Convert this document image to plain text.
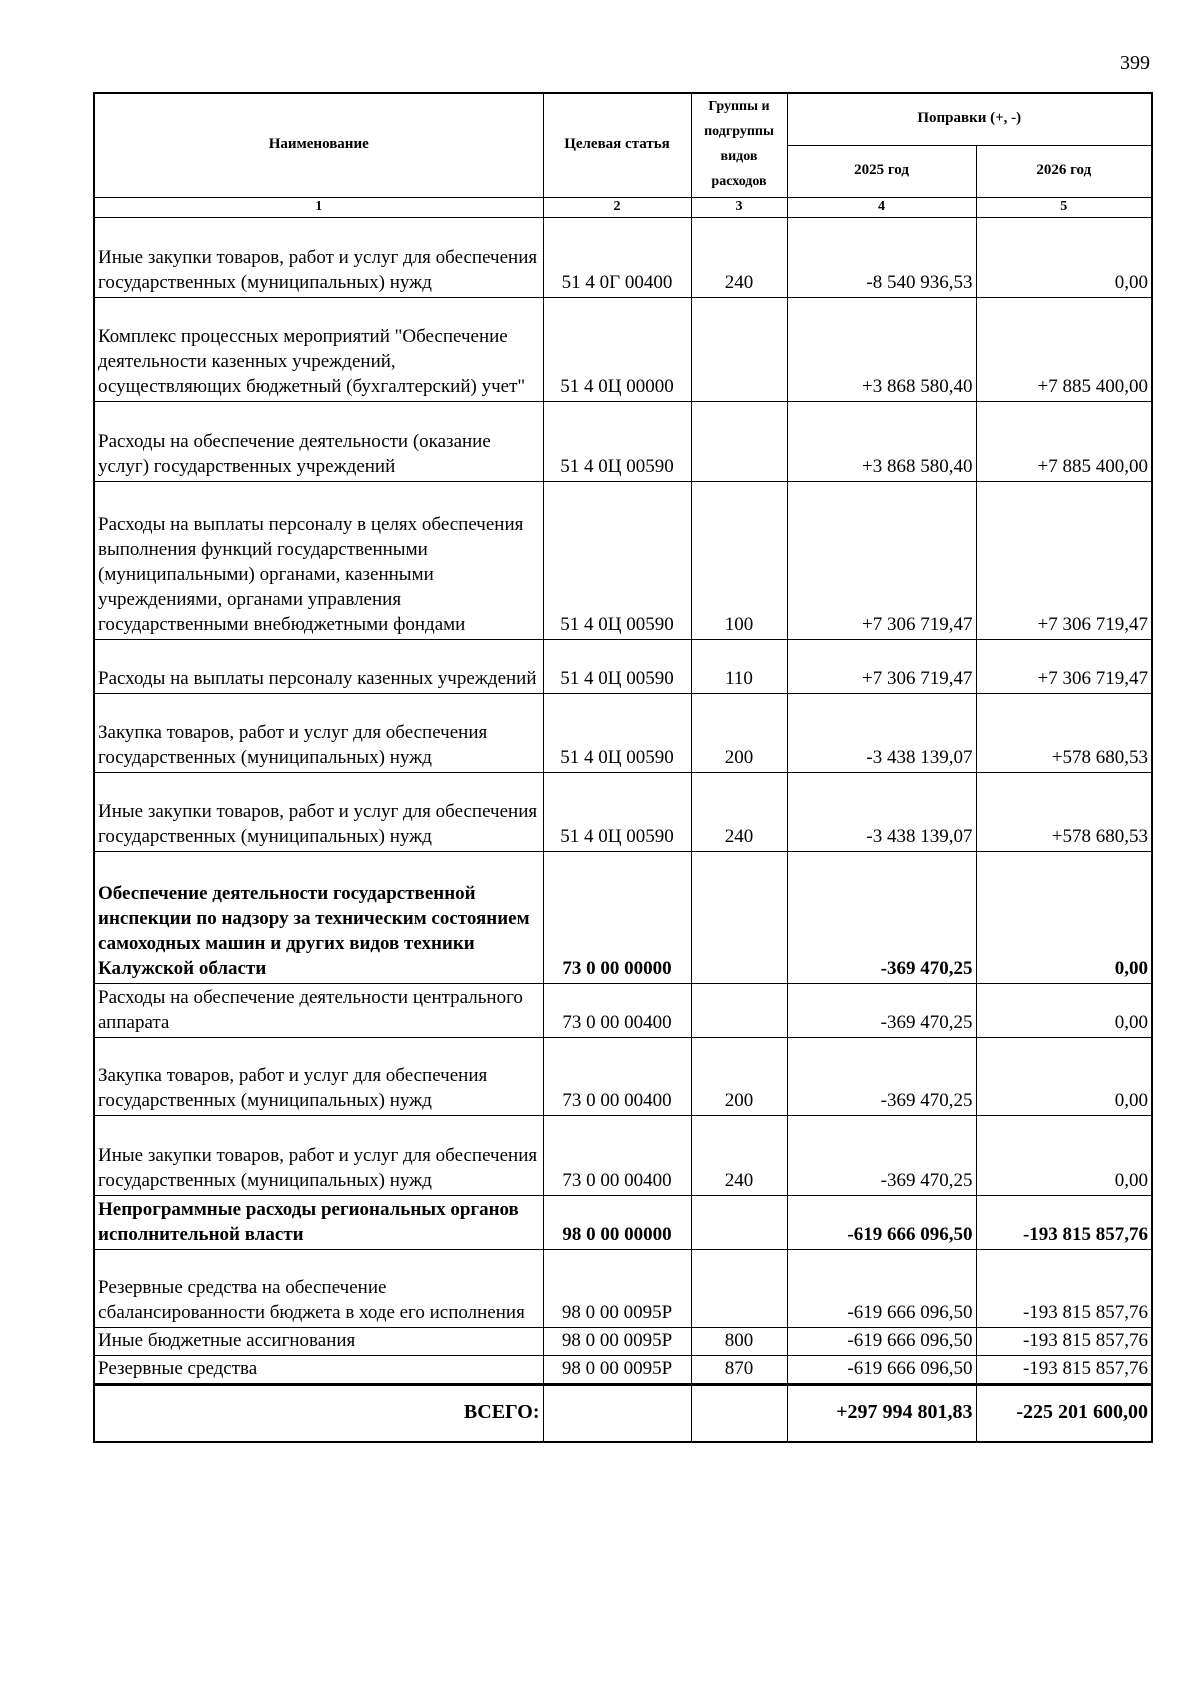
399
Наименование	Целевая статья	Группы и подгруппы видов расходов	Поправки (+, -)	
			2025 год	2026 год
1	2	3	4	5
Иные закупки товаров, работ и услуг для обеспечения государственных (муниципальных) нужд	51 4 0Г 00400	240	-8 540 936,53	0,00
Комплекс процессных мероприятий "Обеспечение деятельности казенных учреждений, осуществляющих бюджетный (бухгалтерский) учет"	51 4 0Ц 00000		+3 868 580,40	+7 885 400,00
Расходы на обеспечение деятельности (оказание услуг) государственных учреждений	51 4 0Ц 00590		+3 868 580,40	+7 885 400,00
Расходы на выплаты персоналу в целях обеспечения выполнения функций государственными (муниципальными) органами, казенными учреждениями, органами управления государственными внебюджетными фондами	51 4 0Ц 00590	100	+7 306 719,47	+7 306 719,47
Расходы на выплаты персоналу казенных учреждений	51 4 0Ц 00590	110	+7 306 719,47	+7 306 719,47
Закупка товаров, работ и услуг для обеспечения государственных (муниципальных) нужд	51 4 0Ц 00590	200	-3 438 139,07	+578 680,53
Иные закупки товаров, работ и услуг для обеспечения государственных (муниципальных) нужд	51 4 0Ц 00590	240	-3 438 139,07	+578 680,53
Обеспечение деятельности государственной инспекции по надзору за техническим состоянием самоходных машин и других видов техники Калужской области	73 0 00 00000		-369 470,25	0,00
Расходы на обеспечение деятельности центрального аппарата	73 0 00 00400		-369 470,25	0,00
Закупка товаров, работ и услуг для обеспечения государственных (муниципальных) нужд	73 0 00 00400	200	-369 470,25	0,00
Иные закупки товаров, работ и услуг для обеспечения государственных (муниципальных) нужд	73 0 00 00400	240	-369 470,25	0,00
Непрограммные расходы региональных органов исполнительной власти	98 0 00 00000		-619 666 096,50	-193 815 857,76
Резервные средства на обеспечение сбалансированности бюджета в ходе его исполнения	98 0 00 0095Р		-619 666 096,50	-193 815 857,76
Иные бюджетные ассигнования	98 0 00 0095Р	800	-619 666 096,50	-193 815 857,76
Резервные средства	98 0 00 0095Р	870	-619 666 096,50	-193 815 857,76
ВСЕГО:			+297 994 801,83	-225 201 600,00
